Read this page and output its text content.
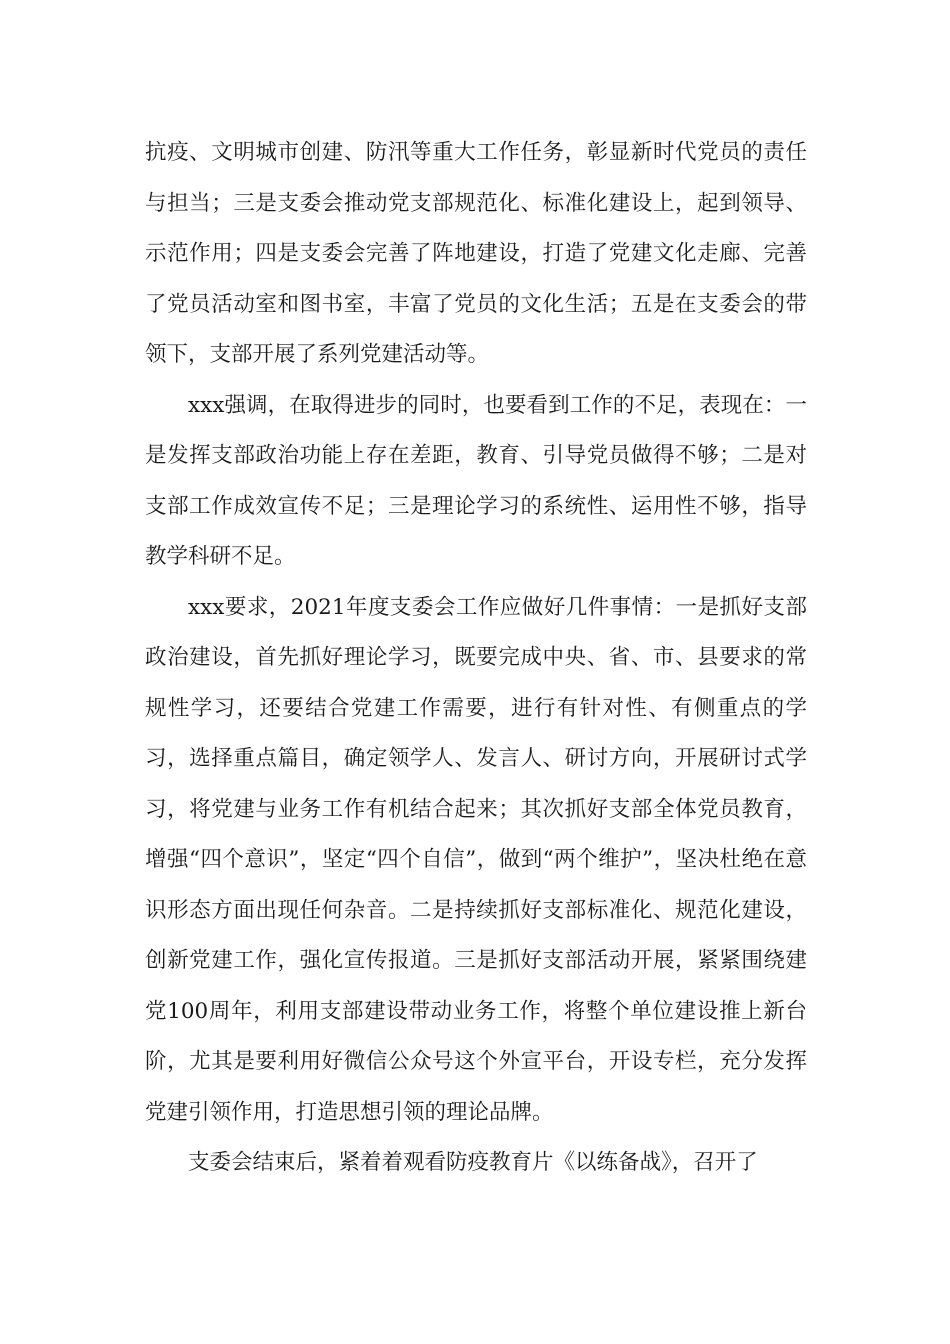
抗疫、文明城市创建、防汛等重大工作任务，彰显新时代党员的责任与担当；三是支委会推动党支部规范化、标准化建设上，起到领导、示范作用；四是支委会完善了阵地建设，打造了党建文化走廊、完善了党员活动室和图书室，丰富了党员的文化生活；五是在支委会的带领下，支部开展了系列党建活动等。

xxx强调，在取得进步的同时，也要看到工作的不足，表现在：一是发挥支部政治功能上存在差距，教育、引导党员做得不够；二是对支部工作成效宣传不足；三是理论学习的系统性、运用性不够，指导教学科研不足。

xxx要求，2021年度支委会工作应做好几件事情：一是抓好支部政治建设，首先抓好理论学习，既要完成中央、省、市、县要求的常规性学习，还要结合党建工作需要，进行有针对性、有侧重点的学习，选择重点篇目，确定领学人、发言人、研讨方向，开展研讨式学习，将党建与业务工作有机结合起来；其次抓好支部全体党员教育，增强“四个意识”，坚定“四个自信”，做到“两个维护”，坚决杜绝在意识形态方面出现任何杂音。二是持续抓好支部标准化、规范化建设，创新党建工作，强化宣传报道。三是抓好支部活动开展，紧紧围绕建党100周年，利用支部建设带动业务工作，将整个单位建设推上新台阶，尤其是要利用好微信公众号这个外宣平台，开设专栏，充分发挥党建引领作用，打造思想引领的理论品牌。

支委会结束后，紧着着观看防疫教育片《以练备战》，召开了
